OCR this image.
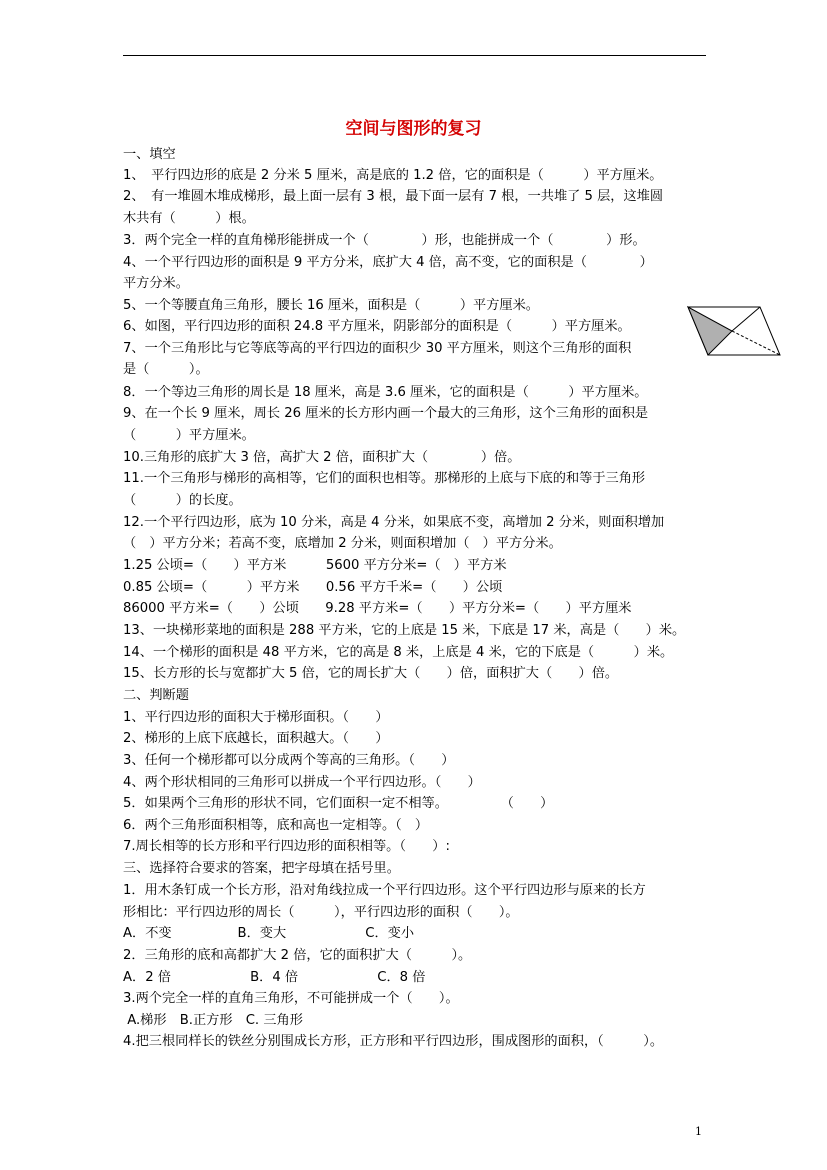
空间与图形的复习
一、填空
1、　平行四边形的底是 2 分米 5 厘米，高是底的 1.2 倍，它的面积是（　　　）平方厘米。
2、　有一堆圆木堆成梯形，最上面一层有 3 根，最下面一层有 7 根，一共堆了 5 层，这堆圆
木共有（　　　）根。
3．两个完全一样的直角梯形能拼成一个（　　　　）形，也能拼成一个（　　　　）形。
4、一个平行四边形的面积是 9 平方分米，底扩大 4 倍，高不变，它的面积是（　　　　）
平方分米。
5、一个等腰直角三角形，腰长 16 厘米，面积是（　　　）平方厘米。
6、如图，平行四边形的面积 24.8 平方厘米，阴影部分的面积是（　　　）平方厘米。
7、一个三角形比与它等底等高的平行四边的面积少 30 平方厘米，则这个三角形的面积
是（　　　）。
8．一个等边三角形的周长是 18 厘米，高是 3.6 厘米，它的面积是（　　　）平方厘米。
9、在一个长 9 厘米，周长 26 厘米的长方形内画一个最大的三角形，这个三角形的面积是
（　　　）平方厘米。
10.三角形的底扩大 3 倍，高扩大 2 倍，面积扩大（　　　　）倍。
11.一个三角形与梯形的高相等，它们的面积也相等。那梯形的上底与下底的和等于三角形
（　　　）的长度。
12.一个平行四边形，底为 10 分米，高是 4 分米，如果底不变，高增加 2 分米，则面积增加
（　）平方分米；若高不变，底增加 2 分米，则面积增加（　）平方分米。
1.25 公顷=（　　）平方米　　　5600 平方分米=（　）平方米
0.85 公顷=（　　　）平方米　　0.56 平方千米=（　　）公顷
86000 平方米=（　　）公顷　　9.28 平方米=（　　）平方分米=（　　）平方厘米
13、一块梯形菜地的面积是 288 平方米，它的上底是 15 米，下底是 17 米，高是（　　）米。
14、一个梯形的面积是 48 平方米，它的高是 8 米，上底是 4 米，它的下底是（　　　）米。
15、长方形的长与宽都扩大 5 倍，它的周长扩大（　　）倍，面积扩大（　　）倍。
二、判断题
1、平行四边形的面积大于梯形面积。（　　）
2、梯形的上底下底越长，面积越大。（　　）
3、任何一个梯形都可以分成两个等高的三角形。（　　）
4、两个形状相同的三角形可以拼成一个平行四边形。（　　）
5．如果两个三角形的形状不同，它们面积一定不相等。　　　　　（　　）
6．两个三角形面积相等，底和高也一定相等。（　）
7.周长相等的长方形和平行四边形的面积相等。（　　）:
三、选择符合要求的答案，把字母填在括号里。
1．用木条钉成一个长方形，沿对角线拉成一个平行四边形。这个平行四边形与原来的长方
形相比：平行四边形的周长（　　　），平行四边形的面积（　　）。
A．不变　　　　　B．变大　　　　　　C．变小
2．三角形的底和高都扩大 2 倍，它的面积扩大（　　　）。
A．2 倍　　　　　　B．4 倍　　　　　　C．8 倍
3.两个完全一样的直角三角形，不可能拼成一个（　　）。
A.梯形　B.正方形　C. 三角形
4.把三根同样长的铁丝分别围成长方形，正方形和平行四边形，围成图形的面积，（　　　）。
1
